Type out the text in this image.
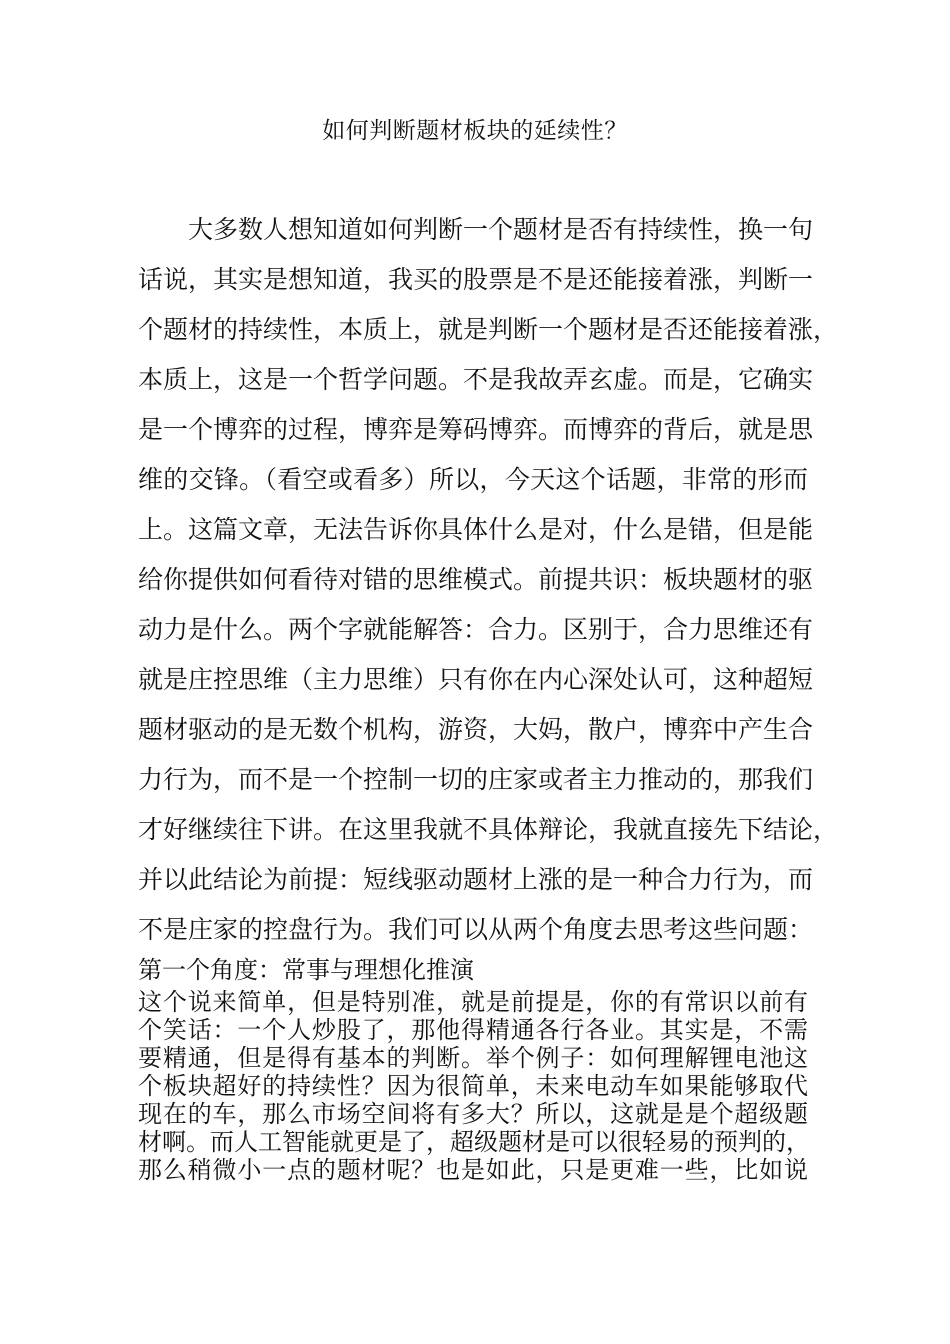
如何判断题材板块的延续性？
大多数人想知道如何判断一个题材是否有持续性，换一句
话说，其实是想知道，我买的股票是不是还能接着涨，判断一
个题材的持续性，本质上，就是判断一个题材是否还能接着涨，
本质上，这是一个哲学问题。不是我故弄玄虚。而是，它确实
是一个博弈的过程，博弈是筹码博弈。而博弈的背后，就是思
维的交锋。（看空或看多）所以，今天这个话题，非常的形而
上。这篇文章，无法告诉你具体什么是对，什么是错，但是能
给你提供如何看待对错的思维模式。前提共识：板块题材的驱
动力是什么。两个字就能解答：合力。区别于，合力思维还有
就是庄控思维（主力思维）只有你在内心深处认可，这种超短
题材驱动的是无数个机构，游资，大妈，散户，博弈中产生合
力行为，而不是一个控制一切的庄家或者主力推动的，那我们
才好继续往下讲。在这里我就不具体辩论，我就直接先下结论，
并以此结论为前提：短线驱动题材上涨的是一种合力行为，而
不是庄家的控盘行为。我们可以从两个角度去思考这些问题：
第一个角度：常事与理想化推演
这个说来简单，但是特别准，就是前提是，你的有常识以前有
个笑话：一个人炒股了，那他得精通各行各业。其实是，不需
要精通，但是得有基本的判断。举个例子：如何理解锂电池这
个板块超好的持续性？因为很简单，未来电动车如果能够取代
现在的车，那么市场空间将有多大？所以，这就是是个超级题
材啊。而人工智能就更是了，超级题材是可以很轻易的预判的，
那么稍微小一点的题材呢？也是如此，只是更难一些，比如说
